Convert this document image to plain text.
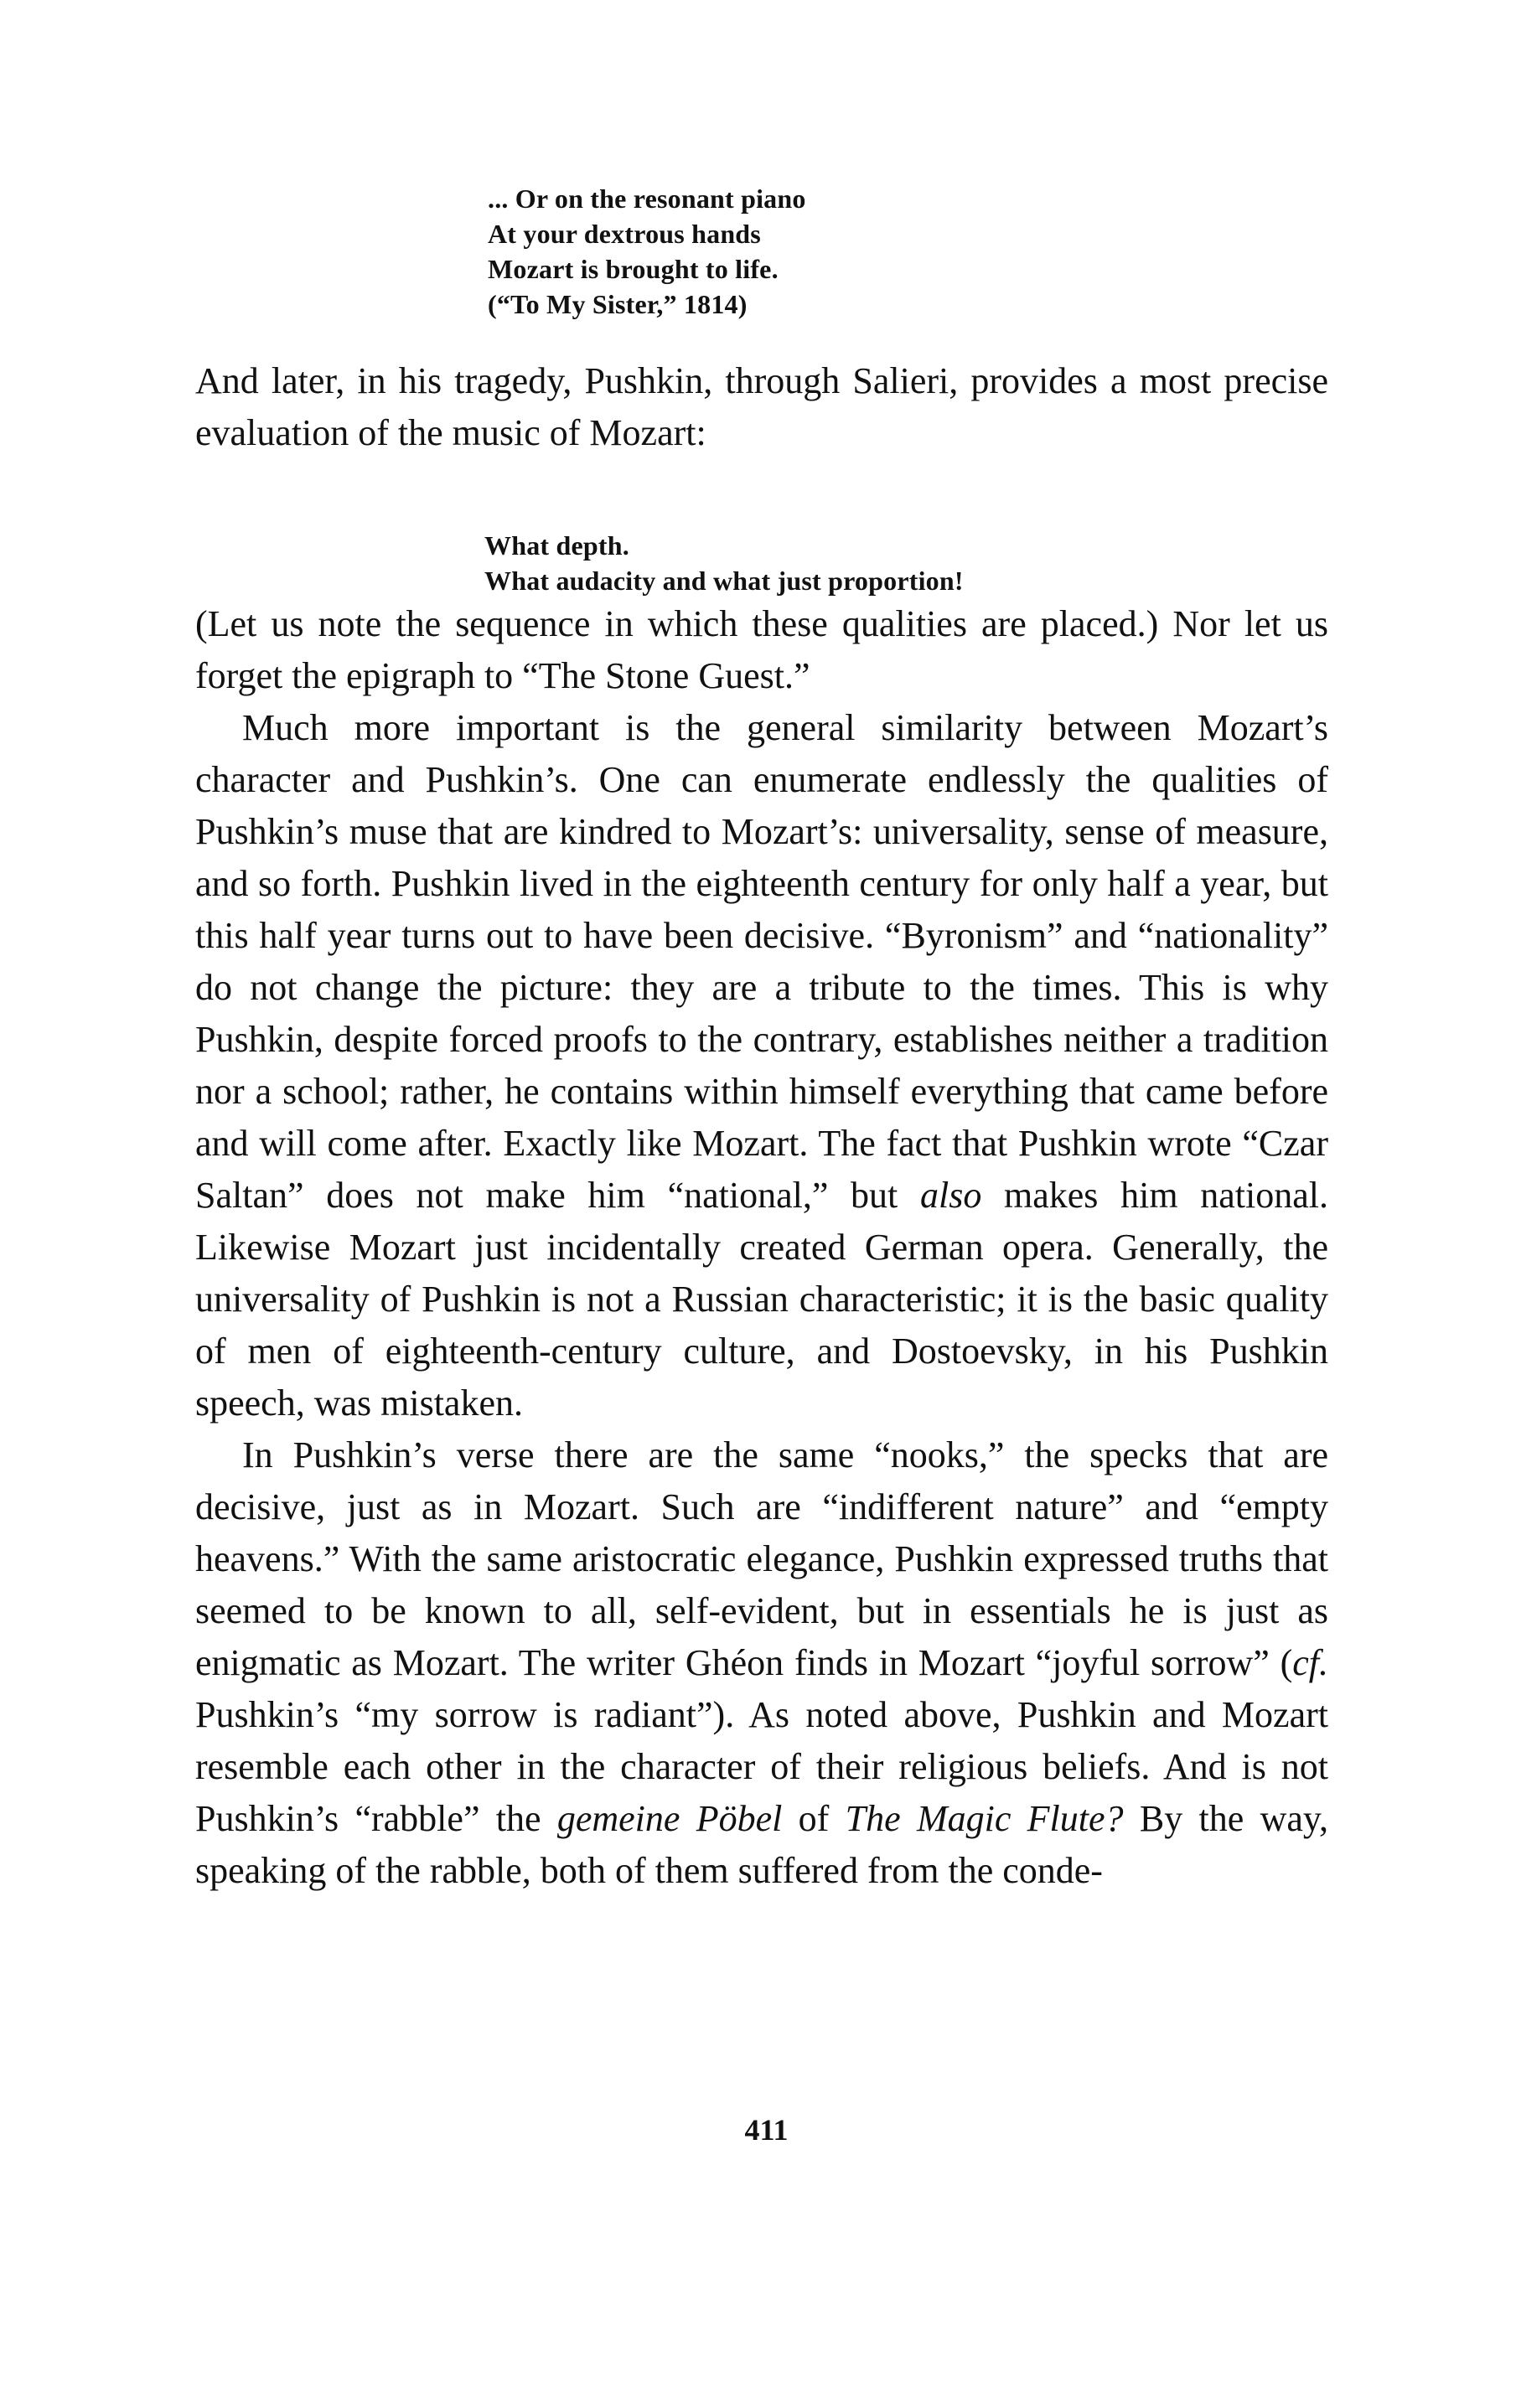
... Or on the resonant piano
At your dextrous hands
Mozart is brought to life.
(“To My Sister,” 1814)

And later, in his tragedy, Pushkin, through Salieri, provides a most precise evaluation of the music of Mozart:

What depth.
What audacity and what just proportion!

(Let us note the sequence in which these qualities are placed.) Nor let us forget the epigraph to “The Stone Guest.”

Much more important is the general similarity between Mozart’s character and Pushkin’s. One can enumerate endlessly the qualities of Pushkin’s muse that are kindred to Mozart’s: universality, sense of measure, and so forth. Pushkin lived in the eighteenth century for only half a year, but this half year turns out to have been decisive. “Byronism” and “nationality” do not change the picture: they are a tribute to the times. This is why Pushkin, despite forced proofs to the contrary, establishes neither a tradition nor a school; rather, he contains within himself everything that came before and will come after. Exactly like Mozart. The fact that Pushkin wrote “Czar Saltan” does not make him “national,” but also makes him national. Likewise Mozart just incidentally created German opera. Generally, the universality of Pushkin is not a Russian characteristic; it is the basic quality of men of eighteenth-century culture, and Dostoevsky, in his Pushkin speech, was mistaken.

In Pushkin’s verse there are the same “nooks,” the specks that are decisive, just as in Mozart. Such are “indifferent nature” and “empty heavens.” With the same aristocratic elegance, Pushkin expressed truths that seemed to be known to all, self-evident, but in essentials he is just as enigmatic as Mozart. The writer Ghéon finds in Mozart “joyful sorrow” (cf. Pushkin’s “my sorrow is radiant”). As noted above, Pushkin and Mozart resemble each other in the character of their religious beliefs. And is not Pushkin’s “rabble” the gemeine Pöbel of The Magic Flute? By the way, speaking of the rabble, both of them suffered from the conde-

411
